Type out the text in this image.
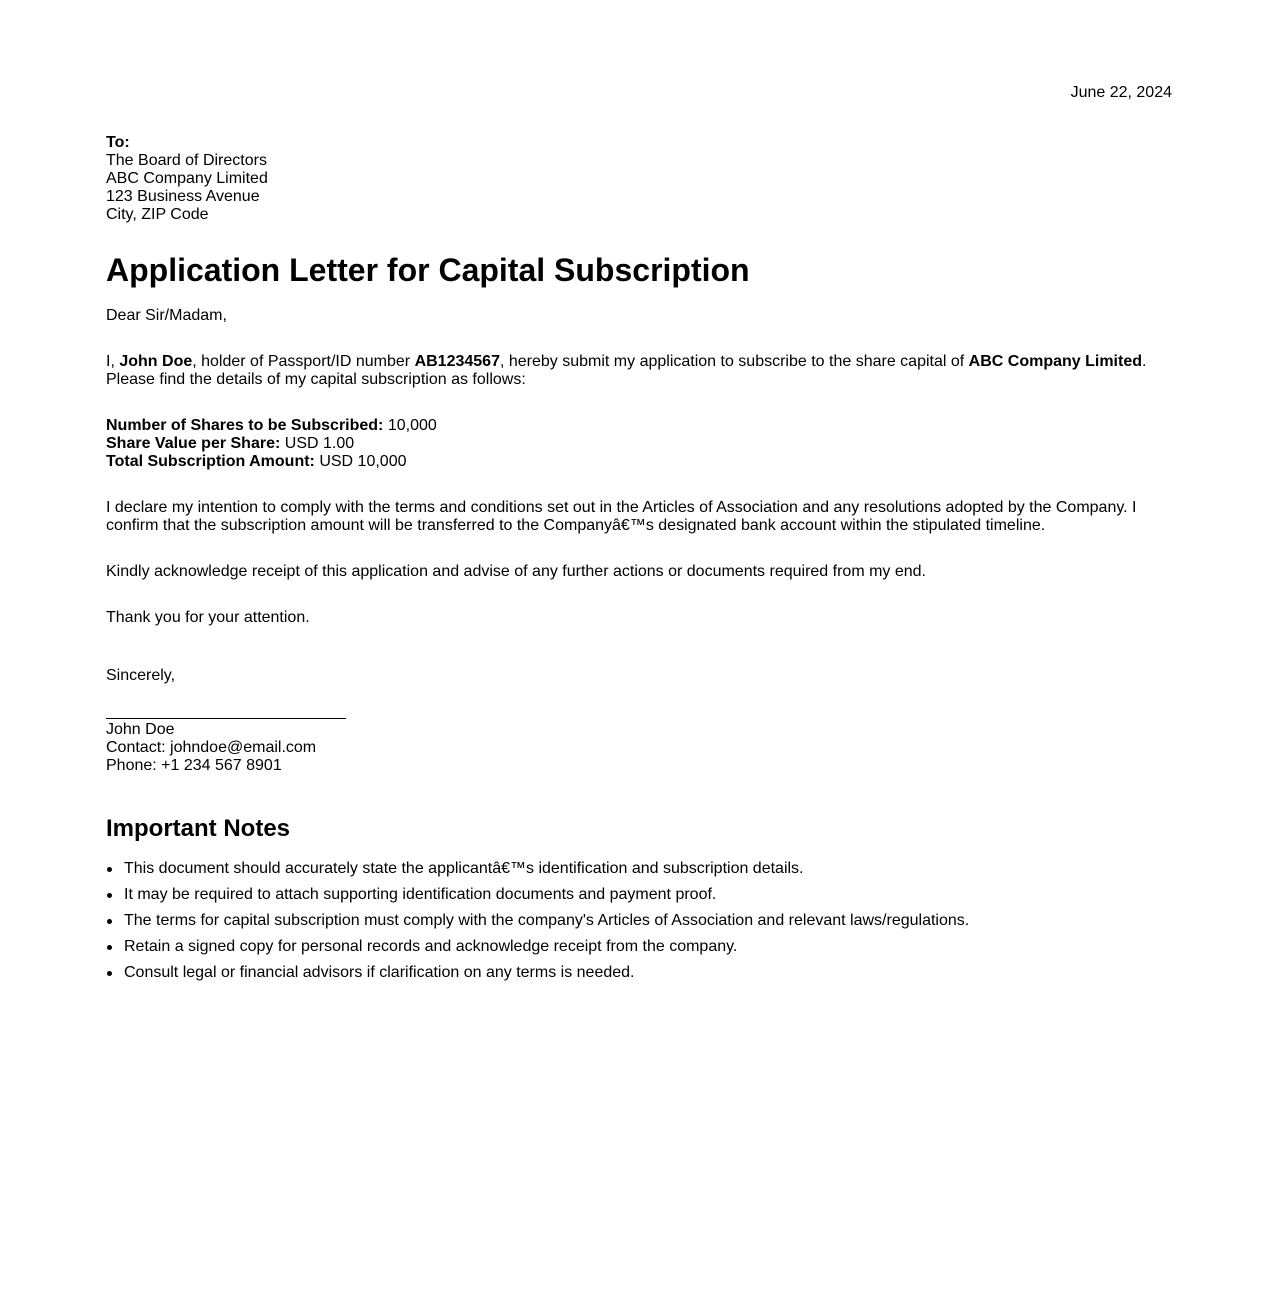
June 22, 2024
To:
The Board of Directors
ABC Company Limited
123 Business Avenue
City, ZIP Code
Application Letter for Capital Subscription
Dear Sir/Madam,
I, John Doe, holder of Passport/ID number AB1234567, hereby submit my application to subscribe to the share capital of ABC Company Limited.
Please find the details of my capital subscription as follows:
Number of Shares to be Subscribed: 10,000
Share Value per Share: USD 1.00
Total Subscription Amount: USD 10,000
I declare my intention to comply with the terms and conditions set out in the Articles of Association and any resolutions adopted by the Company. I
confirm that the subscription amount will be transferred to the Companyâ€™s designated bank account within the stipulated timeline.
Kindly acknowledge receipt of this application and advise of any further actions or documents required from my end.
Thank you for your attention.
Sincerely,
John Doe
Contact: johndoe@email.com
Phone: +1 234 567 8901
Important Notes
This document should accurately state the applicantâ€™s identification and subscription details.
It may be required to attach supporting identification documents and payment proof.
The terms for capital subscription must comply with the company's Articles of Association and relevant laws/regulations.
Retain a signed copy for personal records and acknowledge receipt from the company.
Consult legal or financial advisors if clarification on any terms is needed.
